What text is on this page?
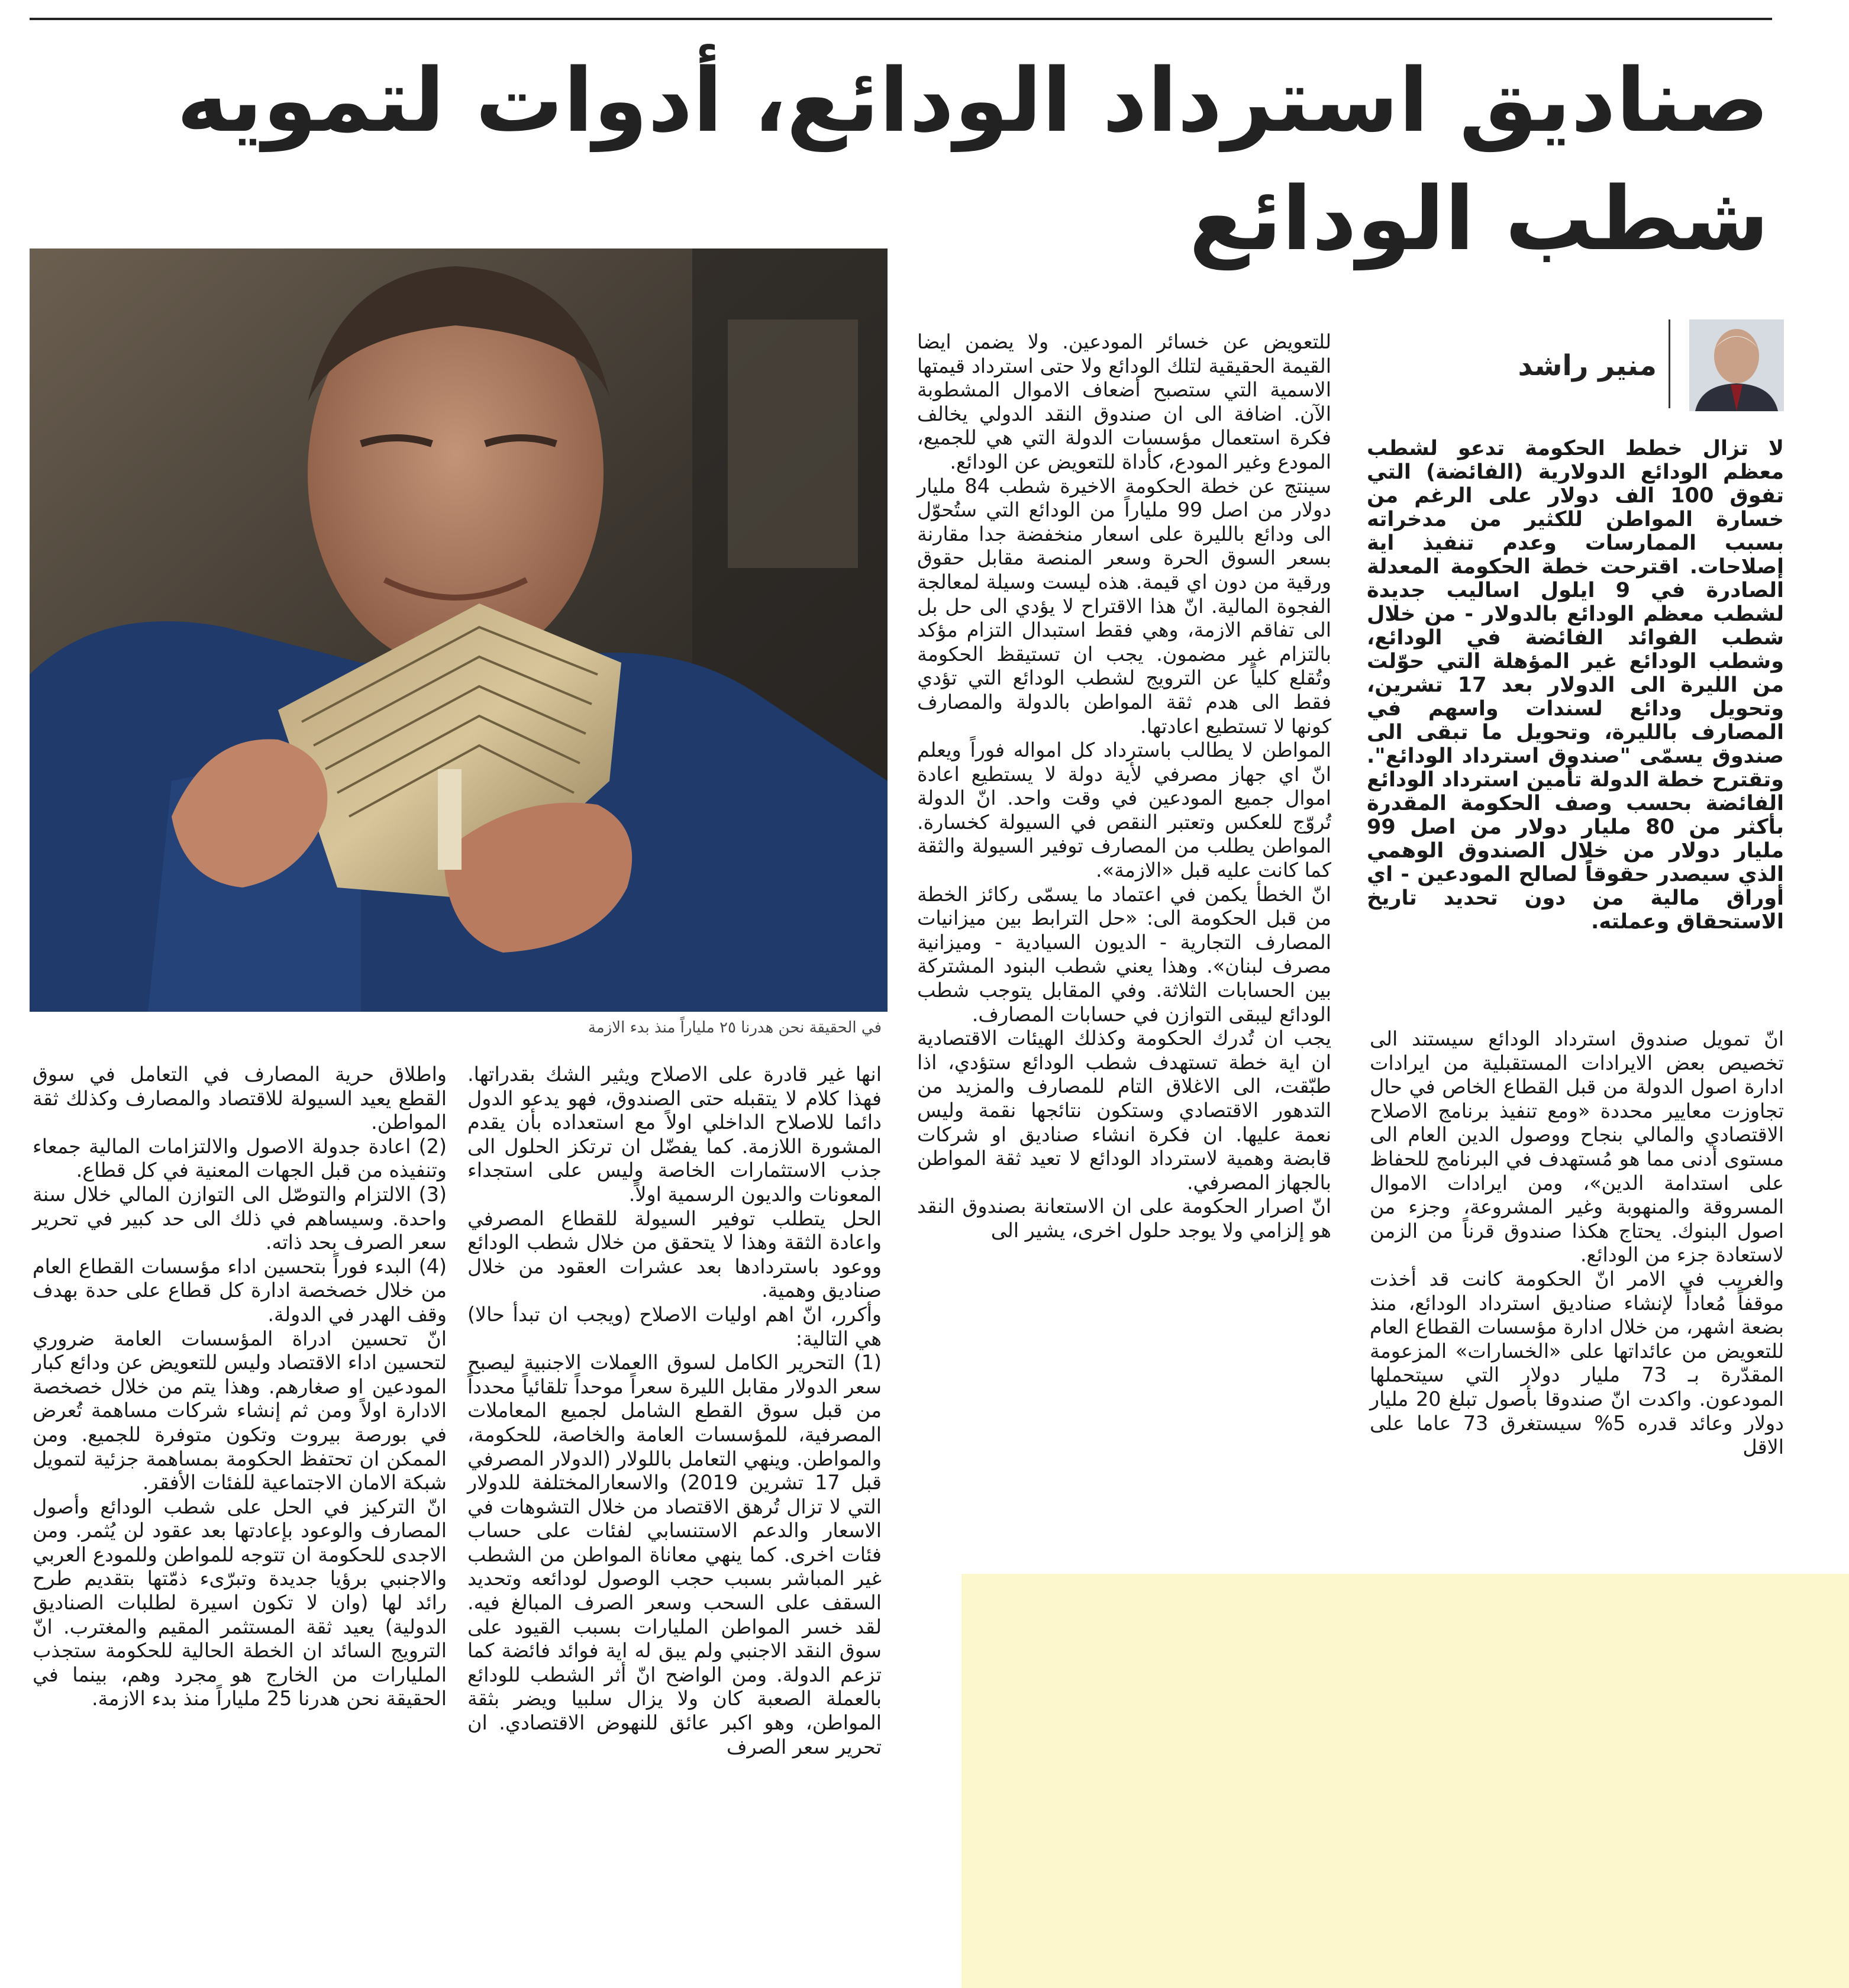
صناديق استرداد الودائع، أدوات لتمويه شطب الودائع
في الحقيقة نحن هدرنا ٢٥ ملياراً منذ بدء الازمة
منير راشد

لا تزال خطط الحكومة تدعو لشطب معظم الودائع الدولارية (الفائضة) التي تفوق 100 الف دولار على الرغم من خسارة المواطن للكثير من مدخراته بسبب الممارسات وعدم تنفيذ اية إصلاحات. اقترحت خطة الحكومة المعدلة الصادرة في 9 ايلول اساليب جديدة لشطب معظم الودائع بالدولار - من خلال شطب الفوائد الفائضة في الودائع، وشطب الودائع غير المؤهلة التي حوّلت من الليرة الى الدولار بعد 17 تشرين، وتحويل ودائع لسندات واسهم في المصارف بالليرة، وتحويل ما تبقى الى صندوق يسمّى "صندوق استرداد الودائع". وتقترح خطة الدولة تأمين استرداد الودائع الفائضة بحسب وصف الحكومة المقدرة بأكثر من 80 مليار دولار من اصل 99 مليار دولار من خلال الصندوق الوهمي الذي سيصدر حقوقاً لصالح المودعين - اي أوراق مالية من دون تحديد تاريخ الاستحقاق وعملته.

انّ تمويل صندوق استرداد الودائع سيستند الى تخصيص بعض الايرادات المستقبلية من ايرادات ادارة اصول الدولة من قبل القطاع الخاص في حال تجاوزت معايير محددة «ومع تنفيذ برنامج الاصلاح الاقتصادي والمالي بنجاح ووصول الدين العام الى مستوى أدنى مما هو مُستهدف في البرنامج للحفاظ على استدامة الدين»، ومن ايرادات الاموال المسروقة والمنهوبة وغير المشروعة، وجزء من اصول البنوك. يحتاج هكذا صندوق قرناً من الزمن لاستعادة جزء من الودائع.
والغريب في الامر انّ الحكومة كانت قد أخذت موقفاً مُعاداً لإنشاء صناديق استرداد الودائع، منذ بضعة اشهر، من خلال ادارة مؤسسات القطاع العام للتعويض من عائداتها على «الخسارات» المزعومة المقدّرة بـ 73 مليار دولار التي سيتحملها المودعون. واكدت انّ صندوقا بأصول تبلغ 20 مليار دولار وعائد قدره 5% سيستغرق 73 عاما على الاقل
للتعويض عن خسائر المودعين. ولا يضمن ايضا القيمة الحقيقية لتلك الودائع ولا حتى استرداد قيمتها الاسمية التي ستصبح أضعاف الاموال المشطوبة الآن. اضافة الى ان صندوق النقد الدولي يخالف فكرة استعمال مؤسسات الدولة التي هي للجميع، المودع وغير المودع، كأداة للتعويض عن الودائع.
سينتج عن خطة الحكومة الاخيرة شطب 84 مليار دولار من اصل 99 ملياراً من الودائع التي ستُحوّل الى ودائع بالليرة على اسعار منخفضة جدا مقارنة بسعر السوق الحرة وسعر المنصة مقابل حقوق ورقية من دون اي قيمة. هذه ليست وسيلة لمعالجة الفجوة المالية. انّ هذا الاقتراح لا يؤدي الى حل بل الى تفاقم الازمة، وهي فقط استبدال التزام مؤكد بالتزام غير مضمون. يجب ان تستيقظ الحكومة وتُقلع كلياً عن الترويج لشطب الودائع التي تؤدي فقط الى هدم ثقة المواطن بالدولة والمصارف كونها لا تستطيع اعادتها.
المواطن لا يطالب باسترداد كل امواله فوراً ويعلم انّ اي جهاز مصرفي لأية دولة لا يستطيع اعادة اموال جميع المودعين في وقت واحد. انّ الدولة تُروّج للعكس وتعتبر النقص في السيولة كخسارة. المواطن يطلب من المصارف توفير السيولة والثقة كما كانت عليه قبل «الازمة».
انّ الخطأ يكمن في اعتماد ما يسمّى ركائز الخطة من قبل الحكومة الى: «حل الترابط بين ميزانيات المصارف التجارية - الديون السيادية - وميزانية مصرف لبنان». وهذا يعني شطب البنود المشتركة بين الحسابات الثلاثة. وفي المقابل يتوجب شطب الودائع ليبقى التوازن في حسابات المصارف.
يجب ان تُدرك الحكومة وكذلك الهيئات الاقتصادية ان اية خطة تستهدف شطب الودائع ستؤدي، اذا طبّقت، الى الاغلاق التام للمصارف والمزيد من التدهور الاقتصادي وستكون نتائجها نقمة وليس نعمة عليها. ان فكرة انشاء صناديق او شركات قابضة وهمية لاسترداد الودائع لا تعيد ثقة المواطن بالجهاز المصرفي.
انّ اصرار الحكومة على ان الاستعانة بصندوق النقد هو إلزامي ولا يوجد حلول اخرى، يشير الى
انها غير قادرة على الاصلاح ويثير الشك بقدراتها. فهذا كلام لا يتقبله حتى الصندوق، فهو يدعو الدول دائما للاصلاح الداخلي اولاً مع استعداده بأن يقدم المشورة اللازمة. كما يفضّل ان ترتكز الحلول الى جذب الاستثمارات الخاصة وليس على استجداء المعونات والديون الرسمية اولاً.
الحل يتطلب توفير السيولة للقطاع المصرفي واعادة الثقة وهذا لا يتحقق من خلال شطب الودائع ووعود باستردادها بعد عشرات العقود من خلال صناديق وهمية.
وأكرر، انّ اهم اوليات الاصلاح (ويجب ان تبدأ حالا) هي التالية:
(1) التحرير الكامل لسوق االعملات الاجنبية ليصبح سعر الدولار مقابل الليرة سعراً موحداً تلقائياً محدداً من قبل سوق القطع الشامل لجميع المعاملات المصرفية، للمؤسسات العامة والخاصة، للحكومة، والمواطن. وينهي التعامل باللولار (الدولار المصرفي قبل 17 تشرين 2019) والاسعارالمختلفة للدولار التي لا تزال تُرهق الاقتصاد من خلال التشوهات في الاسعار والدعم الاستنسابي لفئات على حساب فئات اخرى. كما ينهي معاناة المواطن من الشطب غير المباشر بسبب حجب الوصول لودائعه وتحديد السقف على السحب وسعر الصرف المبالغ فيه. لقد خسر المواطن المليارات بسبب القيود على سوق النقد الاجنبي ولم يبق له اية فوائد فائضة كما تزعم الدولة. ومن الواضح انّ أثر الشطب للودائع بالعملة الصعبة كان ولا يزال سلبيا ويضر بثقة المواطن، وهو اكبر عائق للنهوض الاقتصادي. ان تحرير سعر الصرف
واطلاق حرية المصارف في التعامل في سوق القطع يعيد السيولة للاقتصاد والمصارف وكذلك ثقة المواطن.
(2) اعادة جدولة الاصول والالتزامات المالية جمعاء وتنفيذه من قبل الجهات المعنية في كل قطاع.
(3) الالتزام والتوصّل الى التوازن المالي خلال سنة واحدة. وسيساهم في ذلك الى حد كبير في تحرير سعر الصرف بحد ذاته.
(4) البدء فوراً بتحسين اداء مؤسسات القطاع العام من خلال خصخصة ادارة كل قطاع على حدة بهدف وقف الهدر في الدولة.
انّ تحسين ادراة المؤسسات العامة ضروري لتحسين اداء الاقتصاد وليس للتعويض عن ودائع كبار المودعين او صغارهم. وهذا يتم من خلال خصخصة الادارة اولاً ومن ثم إنشاء شركات مساهمة تُعرض في بورصة بيروت وتكون متوفرة للجميع. ومن الممكن ان تحتفظ الحكومة بمساهمة جزئية لتمويل شبكة الامان الاجتماعية للفئات الأفقر.
انّ التركيز في الحل على شطب الودائع وأصول المصارف والوعود بإعادتها بعد عقود لن يُثمر. ومن الاجدى للحكومة ان تتوجه للمواطن وللمودع العربي والاجنبي برؤيا جديدة وتبرّىء ذمّتها بتقديم طرح رائد لها (وان لا تكون اسيرة لطلبات الصناديق الدولية) يعيد ثقة المستثمر المقيم والمغترب. انّ الترويج السائد ان الخطة الحالية للحكومة ستجذب المليارات من الخارج هو مجرد وهم، بينما في الحقيقة نحن هدرنا 25 ملياراً منذ بدء الازمة.
